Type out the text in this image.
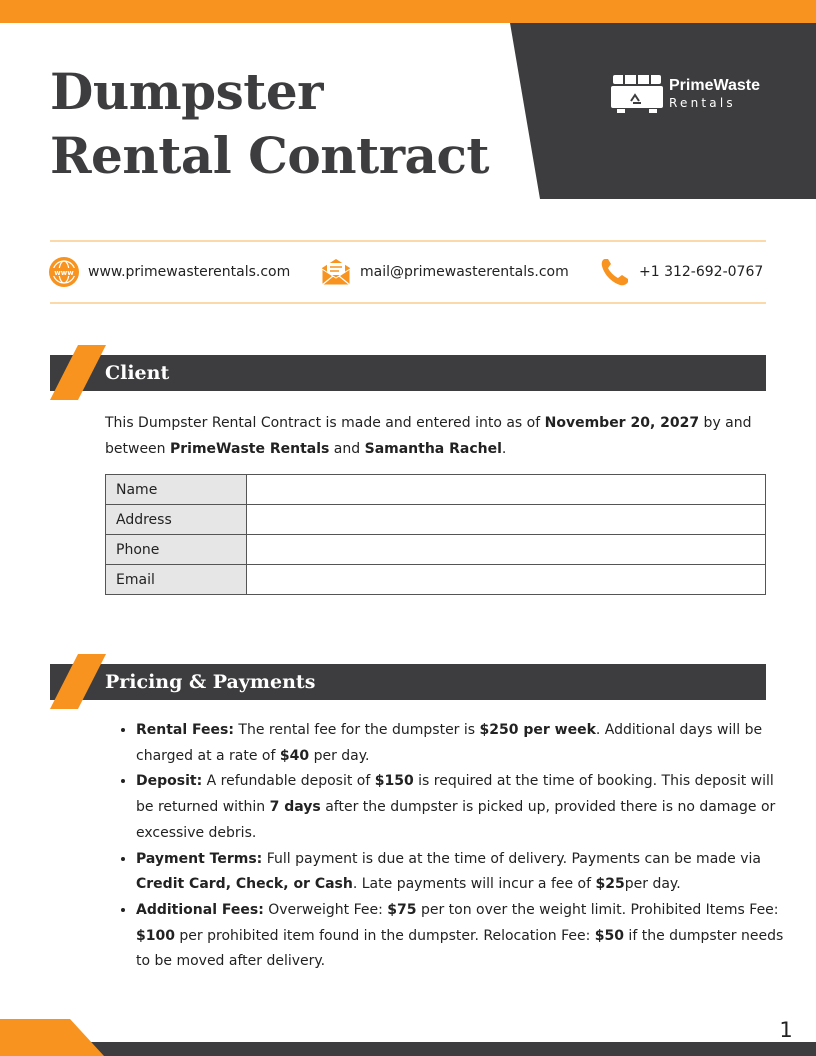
Dumpster
Rental Contract
PrimeWaste
Rentals
www www.primewasterentals.com	mail@primewasterentals.com	+1 312-692-0767
Client

This Dumpster Rental Contract is made and entered into as of November 20, 2027 by and between PrimeWaste Rentals and Samantha Rachel.

Name	
Address	
Phone	
Email	
Pricing & Payments
• Rental Fees: The rental fee for the dumpster is $250 per week. Additional days will be charged at a rate of $40 per day.
• Deposit: A refundable deposit of $150 is required at the time of booking. This deposit will be returned within 7 days after the dumpster is picked up, provided there is no damage or excessive debris.
• Payment Terms: Full payment is due at the time of delivery. Payments can be made via Credit Card, Check, or Cash. Late payments will incur a fee of $25per day.
• Additional Fees: Overweight Fee: $75 per ton over the weight limit. Prohibited Items Fee: $100 per prohibited item found in the dumpster. Relocation Fee: $50 if the dumpster needs to be moved after delivery.
1
